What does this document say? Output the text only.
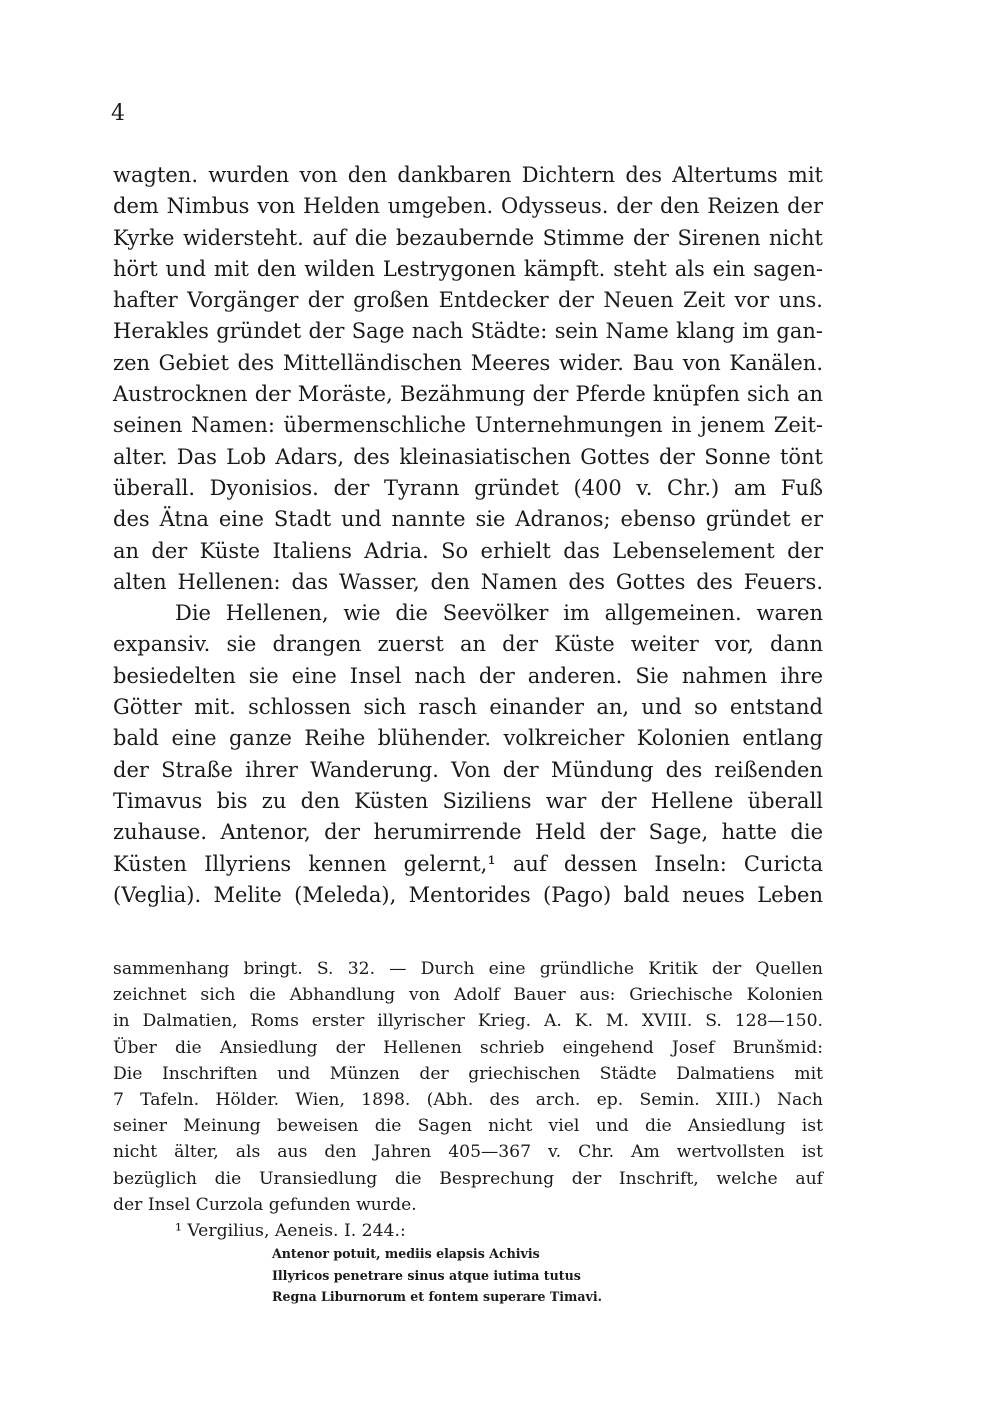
4
wagten. wurden von den dankbaren Dichtern des Altertums mit
dem Nimbus von Helden umgeben. Odysseus. der den Reizen der
Kyrke widersteht. auf die bezaubernde Stimme der Sirenen nicht
hört und mit den wilden Lestrygonen kämpft. steht als ein sagen-
hafter Vorgänger der großen Entdecker der Neuen Zeit vor uns.
Herakles gründet der Sage nach Städte: sein Name klang im gan-
zen Gebiet des Mittelländischen Meeres wider. Bau von Kanälen.
Austrocknen der Moräste, Bezähmung der Pferde knüpfen sich an
seinen Namen: übermenschliche Unternehmungen in jenem Zeit-
alter. Das Lob Adars, des kleinasiatischen Gottes der Sonne tönt
überall. Dyonisios. der Tyrann gründet (400 v. Chr.) am Fuß
des Ätna eine Stadt und nannte sie Adranos; ebenso gründet er
an der Küste Italiens Adria. So erhielt das Lebenselement der
alten Hellenen: das Wasser, den Namen des Gottes des Feuers.
Die Hellenen, wie die Seevölker im allgemeinen. waren
expansiv. sie drangen zuerst an der Küste weiter vor, dann
besiedelten sie eine Insel nach der anderen. Sie nahmen ihre
Götter mit. schlossen sich rasch einander an, und so entstand
bald eine ganze Reihe blühender. volkreicher Kolonien entlang
der Straße ihrer Wanderung. Von der Mündung des reißenden
Timavus bis zu den Küsten Siziliens war der Hellene überall
zuhause. Antenor, der herumirrende Held der Sage, hatte die
Küsten Illyriens kennen gelernt,¹ auf dessen Inseln: Curicta
(Veglia). Melite (Meleda), Mentorides (Pago) bald neues Leben
sammenhang bringt. S. 32. — Durch eine gründliche Kritik der Quellen
zeichnet sich die Abhandlung von Adolf Bauer aus: Griechische Kolonien
in Dalmatien, Roms erster illyrischer Krieg. A. K. M. XVIII. S. 128—150.
Über die Ansiedlung der Hellenen schrieb eingehend Josef Brunšmid:
Die Inschriften und Münzen der griechischen Städte Dalmatiens mit
7 Tafeln. Hölder. Wien, 1898. (Abh. des arch. ep. Semin. XIII.) Nach
seiner Meinung beweisen die Sagen nicht viel und die Ansiedlung ist
nicht älter, als aus den Jahren 405—367 v. Chr. Am wertvollsten ist
bezüglich die Uransiedlung die Besprechung der Inschrift, welche auf
der Insel Curzola gefunden wurde.
¹ Vergilius, Aeneis. I. 244.:
Antenor potuit, mediis elapsis Achivis
Illyricos penetrare sinus atque iutima tutus
Regna Liburnorum et fontem superare Timavi.
